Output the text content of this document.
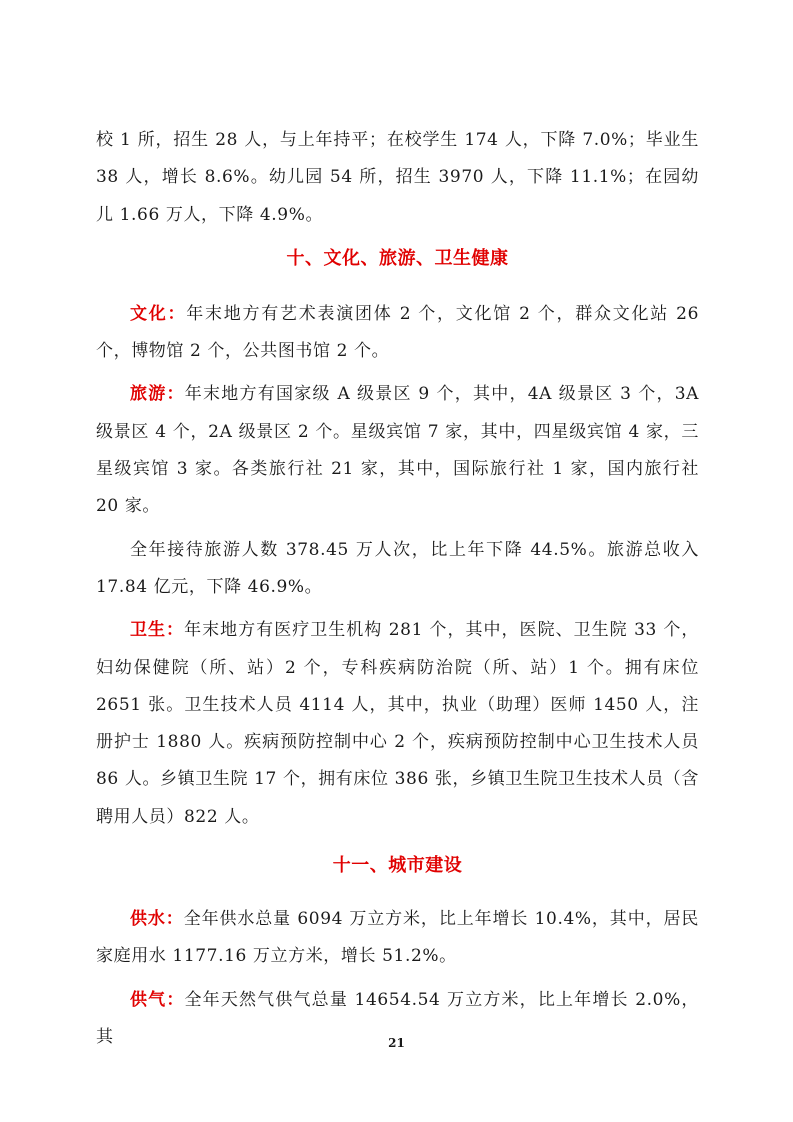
校 1 所，招生 28 人，与上年持平；在校学生 174 人，下降 7.0%；毕业生 38 人，增长 8.6%。幼儿园 54 所，招生 3970 人，下降 11.1%；在园幼儿 1.66 万人，下降 4.9%。

十、文化、旅游、卫生健康

文化：年末地方有艺术表演团体 2 个，文化馆 2 个，群众文化站 26 个，博物馆 2 个，公共图书馆 2 个。

旅游：年末地方有国家级 A 级景区 9 个，其中，4A 级景区 3 个，3A 级景区 4 个，2A 级景区 2 个。星级宾馆 7 家，其中，四星级宾馆 4 家，三星级宾馆 3 家。各类旅行社 21 家，其中，国际旅行社 1 家，国内旅行社 20 家。

全年接待旅游人数 378.45 万人次，比上年下降 44.5%。旅游总收入 17.84 亿元，下降 46.9%。

卫生：年末地方有医疗卫生机构 281 个，其中，医院、卫生院 33 个，妇幼保健院（所、站）2 个，专科疾病防治院（所、站）1 个。拥有床位 2651 张。卫生技术人员 4114 人，其中，执业（助理）医师 1450 人，注册护士 1880 人。疾病预防控制中心 2 个，疾病预防控制中心卫生技术人员 86 人。乡镇卫生院 17 个，拥有床位 386 张，乡镇卫生院卫生技术人员（含聘用人员）822 人。

十一、城市建设

供水：全年供水总量 6094 万立方米，比上年增长 10.4%，其中，居民家庭用水 1177.16 万立方米，增长 51.2%。

供气：全年天然气供气总量 14654.54 万立方米，比上年增长 2.0%，其	21
